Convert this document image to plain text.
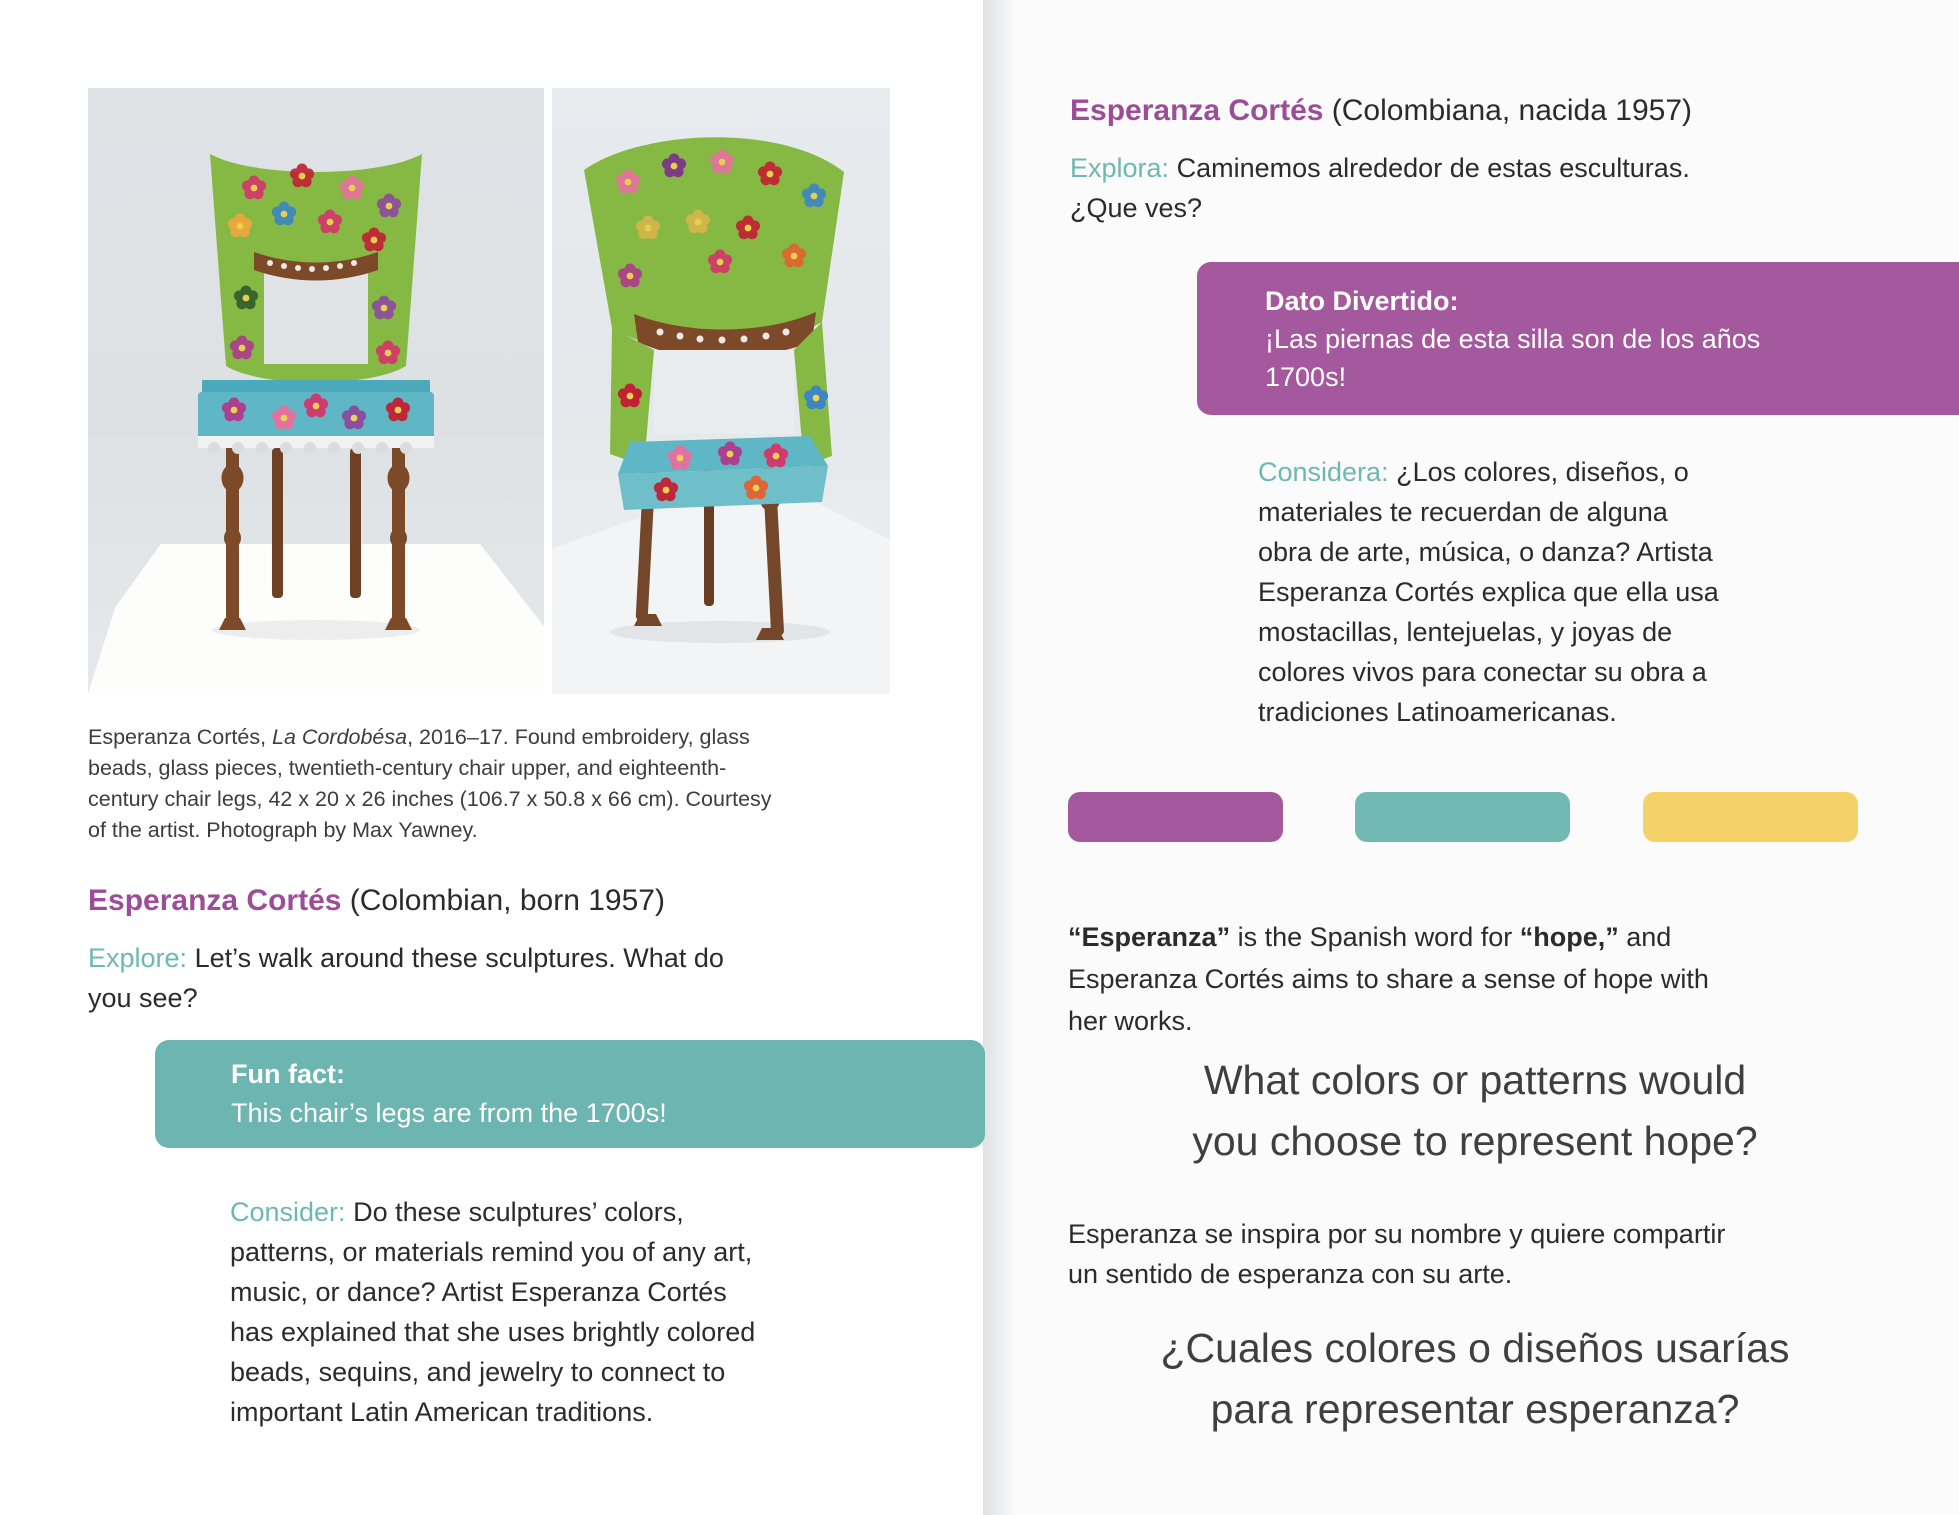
Esperanza Cortés, La Cordobésa, 2016–17. Found embroidery, glass
beads, glass pieces, twentieth-century chair upper, and eighteenth-
century chair legs, 42 x 20 x 26 inches (106.7 x 50.8 x 66 cm). Courtesy
of the artist. Photograph by Max Yawney.
Esperanza Cortés (Colombian, born 1957)
Explore: Let’s walk around these sculptures. What do
you see?
Fun fact:
This chair’s legs are from the 1700s!
Consider: Do these sculptures’ colors,
patterns, or materials remind you of any art,
music, or dance? Artist Esperanza Cortés
has explained that she uses brightly colored
beads, sequins, and jewelry to connect to
important Latin American traditions.
Esperanza Cortés (Colombiana, nacida 1957)
Explora: Caminemos alrededor de estas esculturas.
¿Que ves?
Dato Divertido:
¡Las piernas de esta silla son de los años
1700s!
Considera: ¿Los colores, diseños, o
materiales te recuerdan de alguna
obra de arte, música, o danza? Artista
Esperanza Cortés explica que ella usa
mostacillas, lentejuelas, y joyas de
colores vivos para conectar su obra a
tradiciones Latinoamericanas.
“Esperanza” is the Spanish word for “hope,” and
Esperanza Cortés aims to share a sense of hope with
her works.
What colors or patterns would
you choose to represent hope?
Esperanza se inspira por su nombre y quiere compartir
un sentido de esperanza con su arte.
¿Cuales colores o diseños usarías
para representar esperanza?
